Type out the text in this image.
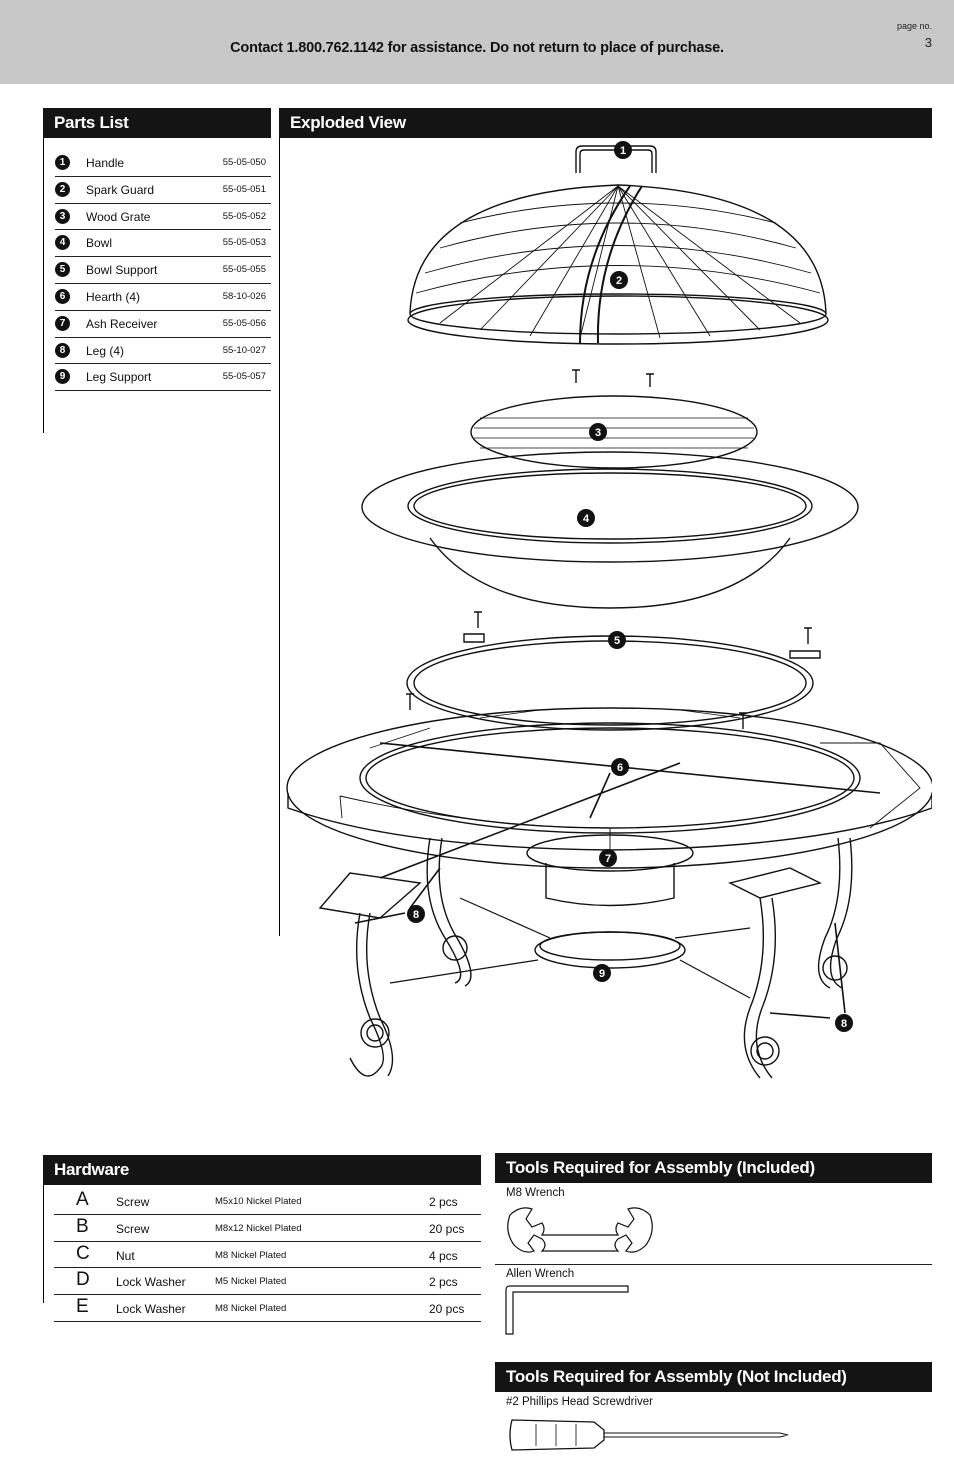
Contact 1.800.762.1142 for assistance. Do not return to place of purchase.
page no.
3
Parts List
1	Handle	55-05-050
2	Spark Guard	55-05-051
3	Wood Grate	55-05-052
4	Bowl	55-05-053
5	Bowl Support	55-05-055
6	Hearth (4)	58-10-026
7	Ash Receiver	55-05-056
8	Leg (4)	55-10-027
9	Leg Support	55-05-057
Exploded View
1
2
3
4
5
6
7
8
9
8
Hardware
A Screw	M5x10 Nickel Plated	2 pcs
B Screw	M8x12 Nickel Plated	20 pcs
C Nut	M8 Nickel Plated	4 pcs
D Lock Washer	M5 Nickel Plated	2 pcs
E Lock Washer	M8 Nickel Plated	20 pcs
Tools Required for Assembly (Included)
M8 Wrench
Allen Wrench
Tools Required for Assembly (Not Included)
#2 Phillips Head Screwdriver
